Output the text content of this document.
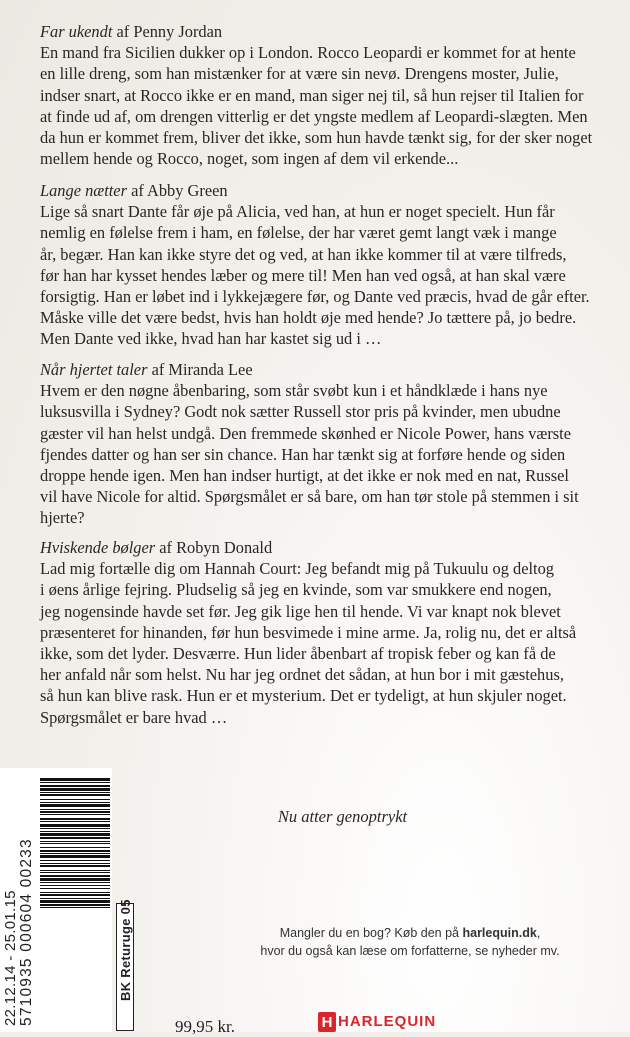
Far ukendt af Penny Jordan

En mand fra Sicilien dukker op i London. Rocco Leopardi er kommet for at hente
en lille dreng, som han mistænker for at være sin nevø. Drengens moster, Julie,
indser snart, at Rocco ikke er en mand, man siger nej til, så hun rejser til Italien for
at finde ud af, om drengen vitterlig er det yngste medlem af Leopardi-slægten. Men
da hun er kommet frem, bliver det ikke, som hun havde tænkt sig, for der sker noget
mellem hende og Rocco, noget, som ingen af dem vil erkende...

Lange nætter af Abby Green

Lige så snart Dante får øje på Alicia, ved han, at hun er noget specielt. Hun får
nemlig en følelse frem i ham, en følelse, der har været gemt langt væk i mange
år, begær. Han kan ikke styre det og ved, at han ikke kommer til at være tilfreds,
før han har kysset hendes læber og mere til! Men han ved også, at han skal være
forsigtig. Han er løbet ind i lykkejægere før, og Dante ved præcis, hvad de går efter.
Måske ville det være bedst, hvis han holdt øje med hende? Jo tættere på, jo bedre.
Men Dante ved ikke, hvad han har kastet sig ud i …

Når hjertet taler af Miranda Lee

Hvem er den nøgne åbenbaring, som står svøbt kun i et håndklæde i hans nye
luksusvilla i Sydney? Godt nok sætter Russell stor pris på kvinder, men ubudne
gæster vil han helst undgå. Den fremmede skønhed er Nicole Power, hans værste
fjendes datter og han ser sin chance. Han har tænkt sig at forføre hende og siden
droppe hende igen. Men han indser hurtigt, at det ikke er nok med en nat, Russel
vil have Nicole for altid. Spørgsmålet er så bare, om han tør stole på stemmen i sit
hjerte?

Hviskende bølger af Robyn Donald

Lad mig fortælle dig om Hannah Court: Jeg befandt mig på Tukuulu og deltog
i øens årlige fejring. Pludselig så jeg en kvinde, som var smukkere end nogen,
jeg nogensinde havde set før. Jeg gik lige hen til hende. Vi var knapt nok blevet
præsenteret for hinanden, før hun besvimede i mine arme. Ja, rolig nu, det er altså
ikke, som det lyder. Desværre. Hun lider åbenbart af tropisk feber og kan få de
her anfald når som helst. Nu har jeg ordnet det sådan, at hun bor i mit gæstehus,
så hun kan blive rask. Hun er et mysterium. Det er tydeligt, at hun skjuler noget.
Spørgsmålet er bare hvad …

22.12.14 - 25.01.15 5710935 000604 00233	BK Returuge 05
Nu atter genoptrykt
Mangler du en bog? Køb den på harlequin.dk,
hvor du også kan læse om forfatterne, se nyheder mv.
99,95 kr.	H HARLEQUIN
